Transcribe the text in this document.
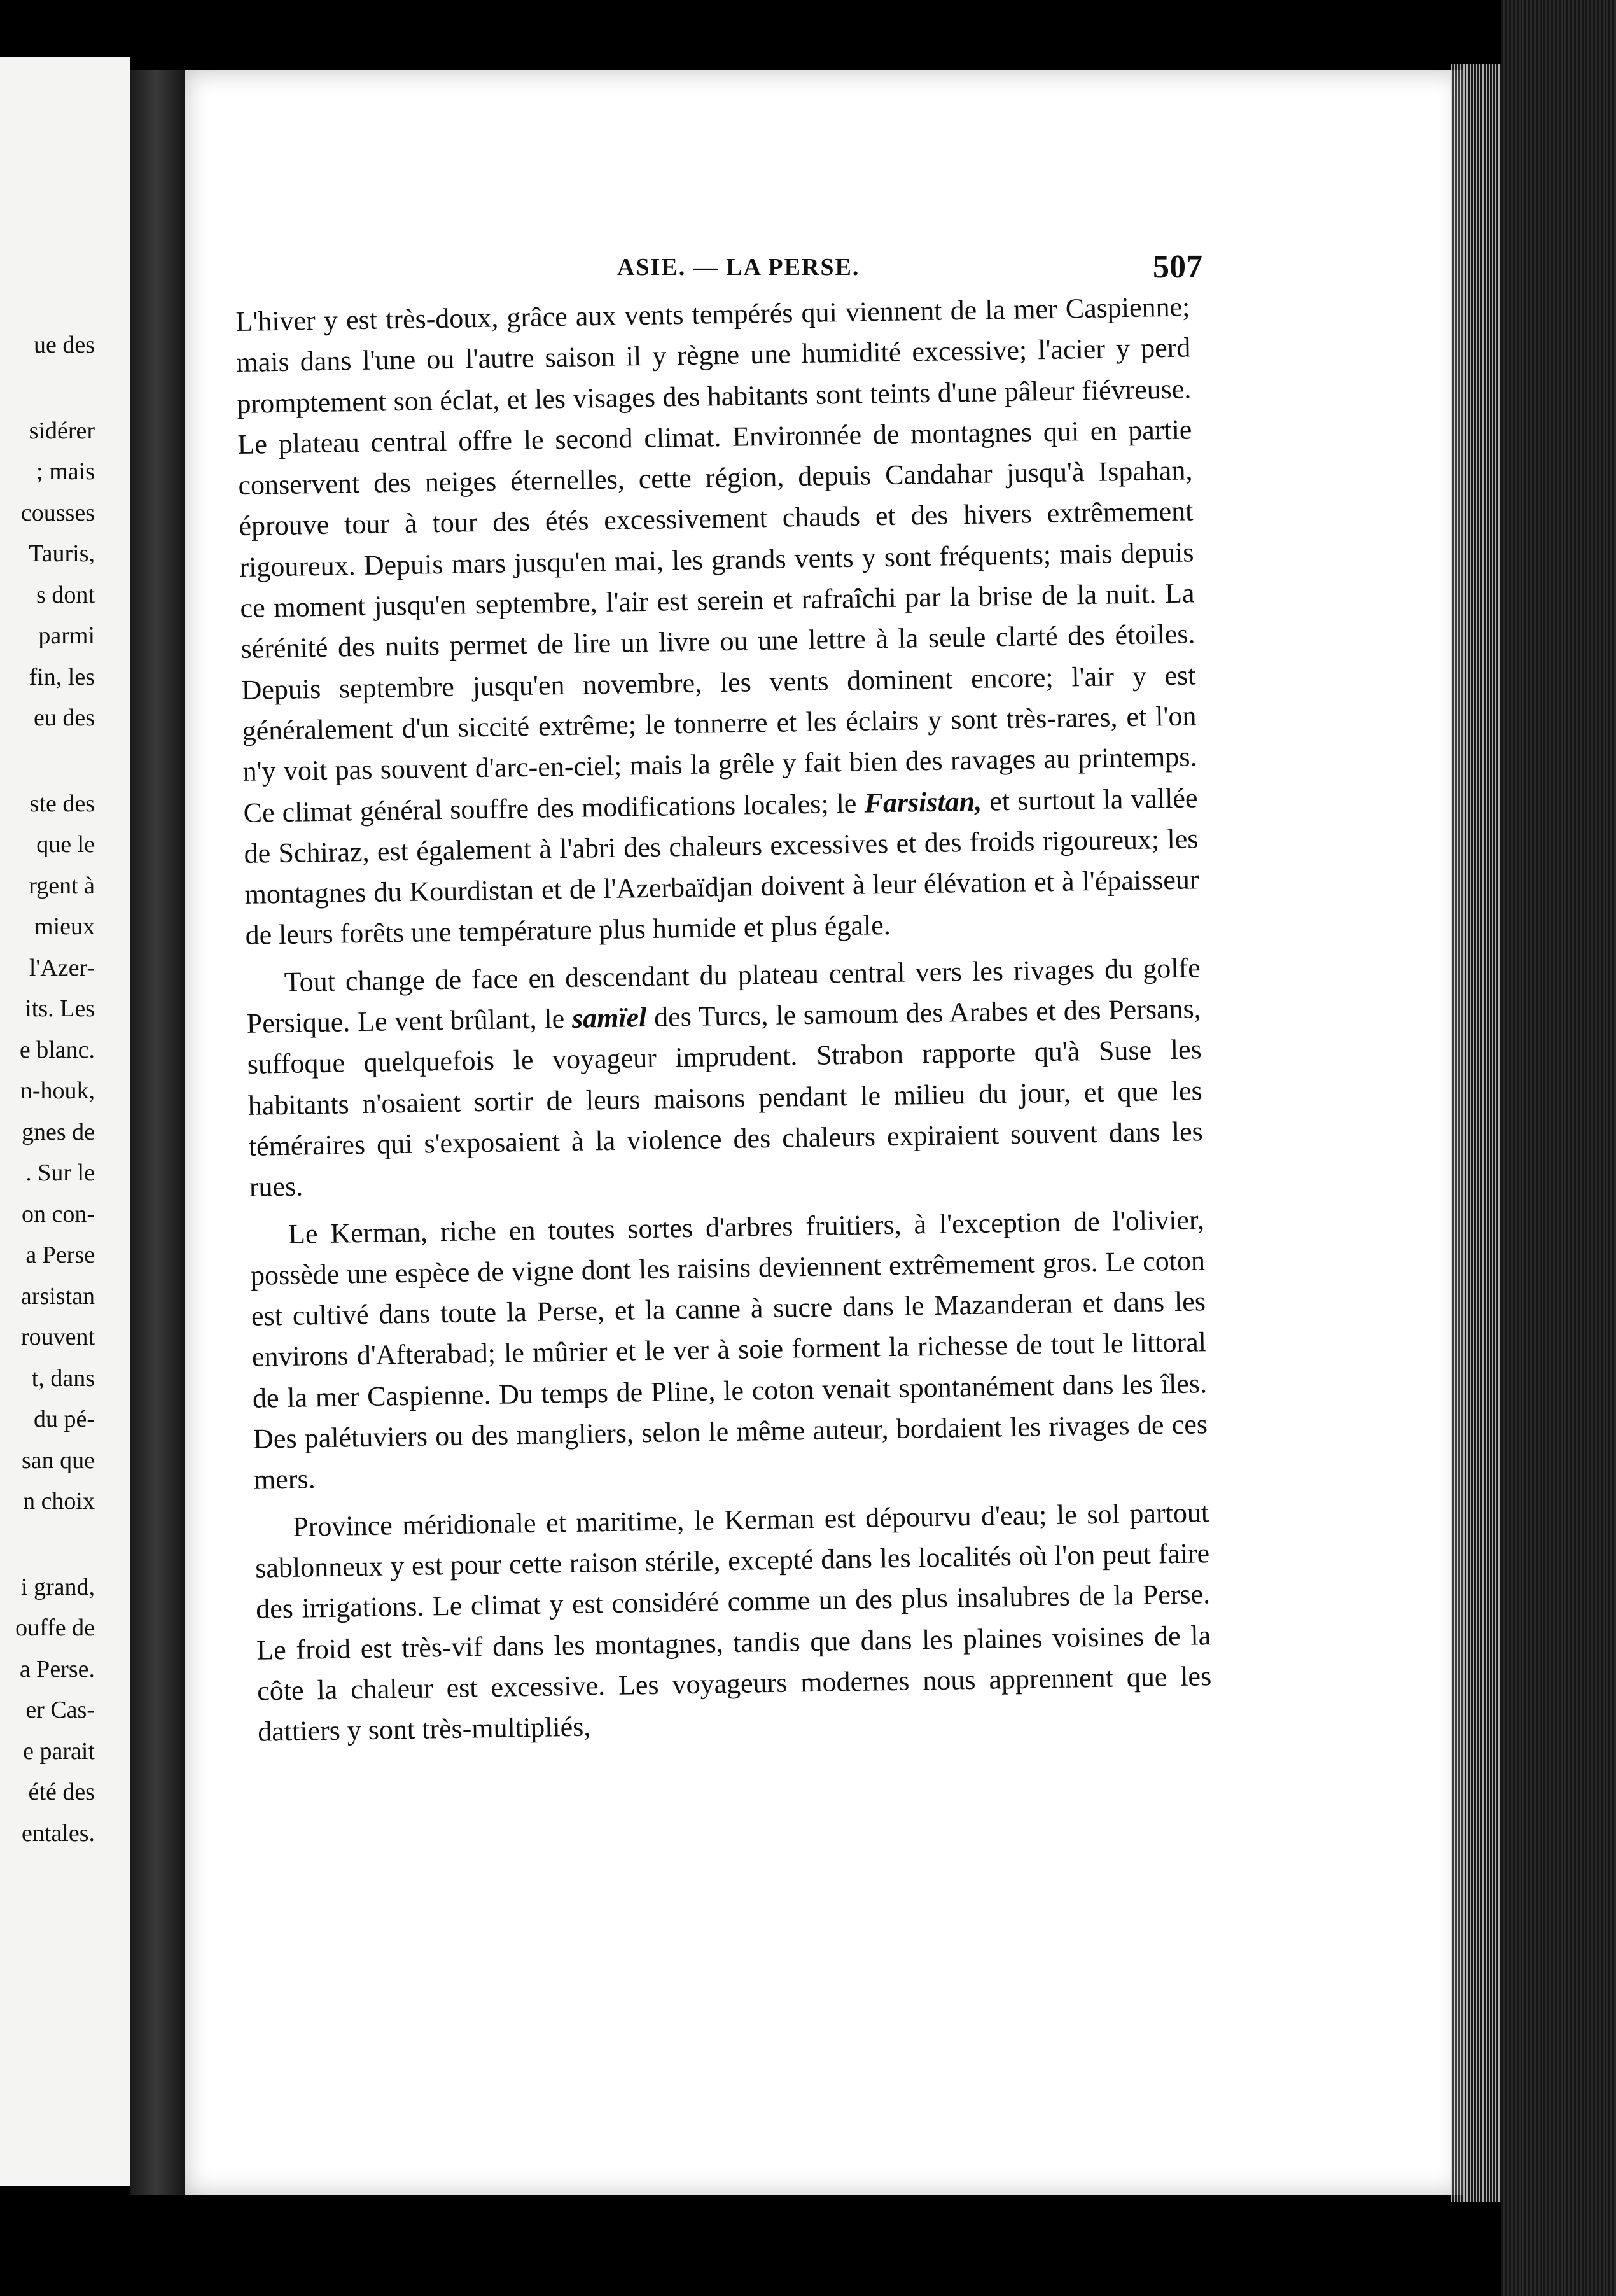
ue des
sidérer
; mais
cousses
Tauris,
s dont
parmi
fin, les
eu des
ste des
que le
rgent à
mieux
l'Azer-
its. Les
e blanc.
n-houk,
gnes de
. Sur le
on con-
a Perse
arsistan
rouvent
t, dans
du pé-
san que
n choix
i grand,
ouffe de
a Perse.
er Cas-
e parait
été des
entales.
ASIE. — LA PERSE.	507

L'hiver y est très-doux, grâce aux vents tempérés qui viennent de la mer Caspienne; mais dans l'une ou l'autre saison il y règne une humidité excessive; l'acier y perd promptement son éclat, et les visages des habitants sont teints d'une pâleur fiévreuse. Le plateau central offre le second climat. Environnée de montagnes qui en partie conservent des neiges éternelles, cette région, depuis Candahar jusqu'à Ispahan, éprouve tour à tour des étés excessivement chauds et des hivers extrêmement rigoureux. Depuis mars jusqu'en mai, les grands vents y sont fréquents; mais depuis ce moment jusqu'en septembre, l'air est serein et rafraîchi par la brise de la nuit. La sérénité des nuits permet de lire un livre ou une lettre à la seule clarté des étoiles. Depuis septembre jusqu'en novembre, les vents dominent encore; l'air y est généralement d'un siccité extrême; le tonnerre et les éclairs y sont très-rares, et l'on n'y voit pas souvent d'arc-en-ciel; mais la grêle y fait bien des ravages au printemps. Ce climat général souffre des modifications locales; le Farsistan, et surtout la vallée de Schiraz, est également à l'abri des chaleurs excessives et des froids rigoureux; les montagnes du Kourdistan et de l'Azerbaïdjan doivent à leur élévation et à l'épaisseur de leurs forêts une température plus humide et plus égale.

Tout change de face en descendant du plateau central vers les rivages du golfe Persique. Le vent brûlant, le samïel des Turcs, le samoum des Arabes et des Persans, suffoque quelquefois le voyageur imprudent. Strabon rapporte qu'à Suse les habitants n'osaient sortir de leurs maisons pendant le milieu du jour, et que les téméraires qui s'exposaient à la violence des chaleurs expiraient souvent dans les rues.

Le Kerman, riche en toutes sortes d'arbres fruitiers, à l'exception de l'olivier, possède une espèce de vigne dont les raisins deviennent extrêmement gros. Le coton est cultivé dans toute la Perse, et la canne à sucre dans le Mazanderan et dans les environs d'Afterabad; le mûrier et le ver à soie forment la richesse de tout le littoral de la mer Caspienne. Du temps de Pline, le coton venait spontanément dans les îles. Des palétuviers ou des mangliers, selon le même auteur, bordaient les rivages de ces mers.

Province méridionale et maritime, le Kerman est dépourvu d'eau; le sol partout sablonneux y est pour cette raison stérile, excepté dans les localités où l'on peut faire des irrigations. Le climat y est considéré comme un des plus insalubres de la Perse. Le froid est très-vif dans les montagnes, tandis que dans les plaines voisines de la côte la chaleur est excessive. Les voyageurs modernes nous apprennent que les dattiers y sont très-multipliés,
